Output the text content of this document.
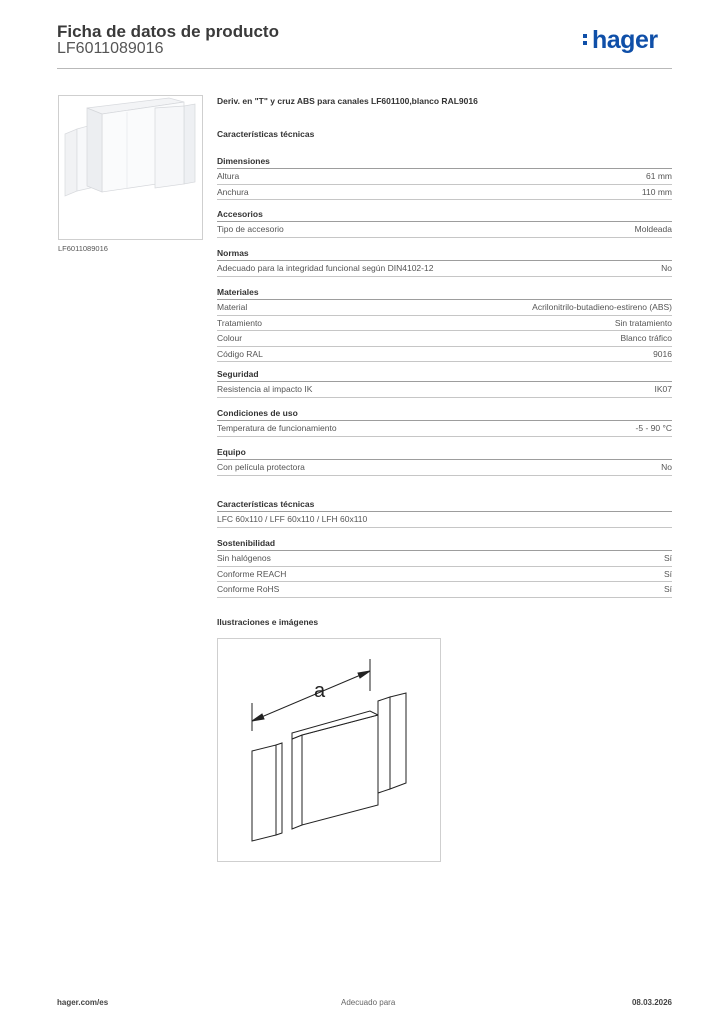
Ficha de datos de producto
LF6011089016	hager
LF6011089016
Deriv. en "T" y cruz ABS para canales LF601100,blanco RAL9016
Características técnicas
Dimensiones
Altura	61 mm
Anchura	110 mm
Accesorios
Tipo de accesorio	Moldeada
Normas
Adecuado para la integridad funcional según DIN4102-12	No
Materiales
Material	Acrilonitrilo-butadieno-estireno (ABS)
Tratamiento	Sin tratamiento
Colour	Blanco tráfico
Código RAL	9016
Seguridad
Resistencia al impacto IK	IK07
Condiciones de uso
Temperatura de funcionamiento	-5 - 90 °C
Equipo
Con película protectora	No
Características técnicas
LFC 60x110 / LFF 60x110 / LFH 60x110
Sostenibilidad
Sin halógenos	Sí
Conforme REACH	Sí
Conforme RoHS	Sí
Ilustraciones e imágenes
a
hager.com/es	Adecuado para	08.03.2026
